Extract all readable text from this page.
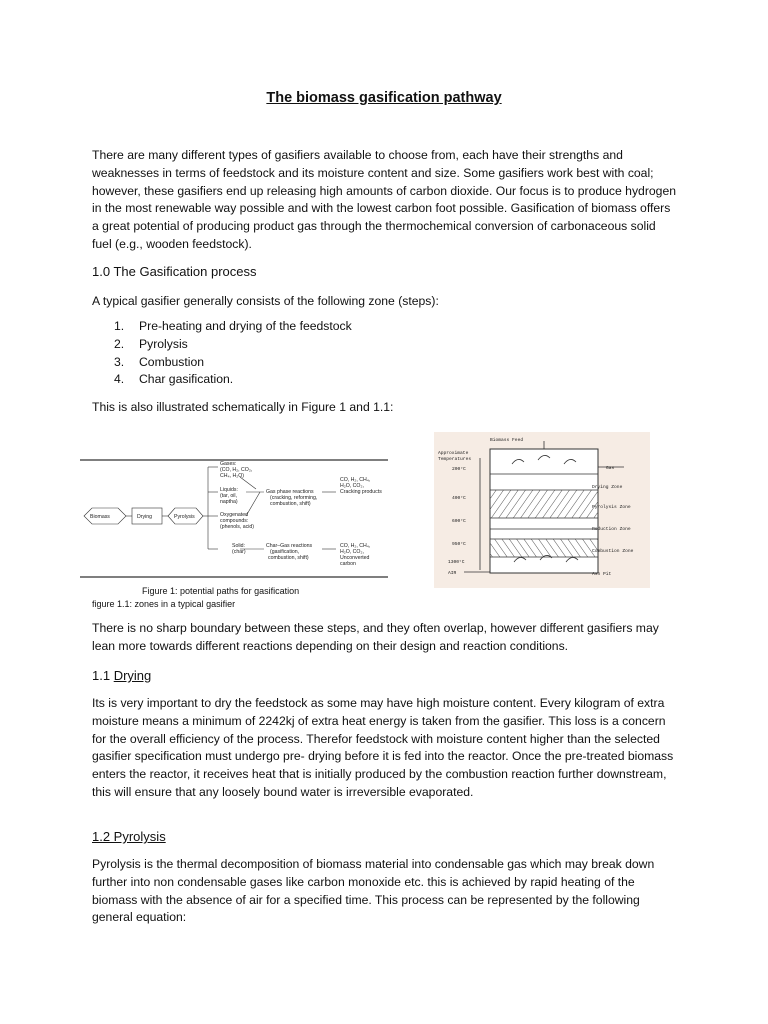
The biomass gasification pathway
There are many different types of gasifiers available to choose from, each have their strengths and weaknesses in terms of feedstock and its moisture content and size. Some gasifiers work best with coal; however, these gasifiers end up releasing high amounts of carbon dioxide. Our focus is to produce hydrogen in the most renewable way possible and with the lowest carbon foot possible. Gasification of biomass offers a great potential of producing product gas through the thermochemical conversion of carbonaceous solid fuel (e.g., wooden feedstock).
1.0 The Gasification process
A typical gasifier generally consists of the following zone (steps):
1. Pre-heating and drying of the feedstock
2. Pyrolysis
3. Combustion
4. Char gasification.
This is also illustrated schematically in Figure 1 and 1.1:
Biomass	Drying	Pyrolysis
Gases:
(CO, H₂, CO₂,
CH₄, H₂O)
Liquids:
(tar, oil,
naptha)
Oxygenated
compounds:
(phenols, acid)
Solid:
(char)
Gas phase reactions
(cracking, reforming,
combustion, shift)
Char–Gas reactions
(gasification,
combustion, shift)
CO, H₂, CH₄,
H₂O, CO₂,
Cracking products
CO, H₂, CH₄,
H₂O, CO₂,
Unconverted
carbon
Biomass Feed
Approximate
Temperatures
200°C
400°C
600°C
950°C
1300°C
AIR
Gas
Drying Zone
Pyrolysis Zone
Reduction Zone
Combustion Zone
Ash Pit
Figure 1: potential paths for gasification
figure 1.1: zones in a typical gasifier
There is no sharp boundary between these steps, and they often overlap, however different gasifiers may lean more towards different reactions depending on their design and reaction conditions.
1.1 Drying
Its is very important to dry the feedstock as some may have high moisture content. Every kilogram of extra moisture means a minimum of 2242kj of extra heat energy is taken from the gasifier. This loss is a concern for the overall efficiency of the process. Therefor feedstock with moisture content higher than the selected gasifier specification must undergo pre- drying before it is fed into the reactor. Once the pre-treated biomass enters the reactor, it receives heat that is initially produced by the combustion reaction further downstream, this will ensure that any loosely bound water is irreversible evaporated.
1.2 Pyrolysis
Pyrolysis is the thermal decomposition of biomass material into condensable gas which may break down further into non condensable gases like carbon monoxide etc. this is achieved by rapid heating of the biomass with the absence of air for a specified time. This process can be represented by the following general equation:
